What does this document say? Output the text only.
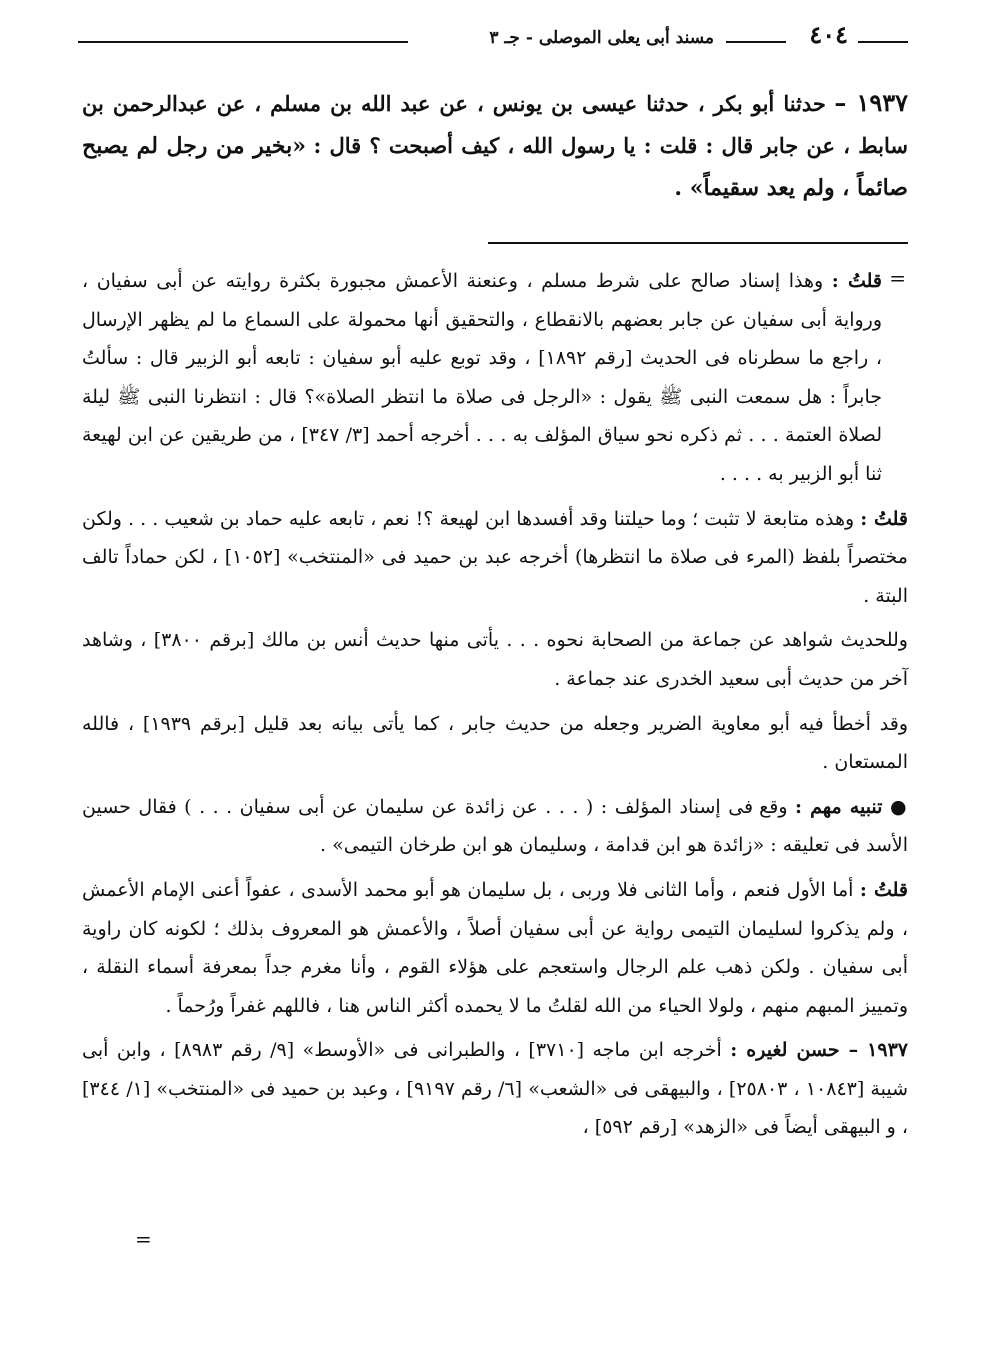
٤٠٤
مسند أبى يعلى الموصلى - جـ ٣

١٩٣٧ – حدثنا أبو بكر ، حدثنا عيسى بن يونس ، عن عبد الله بن مسلم ، عن عبدالرحمن بن سابط ، عن جابر قال : قلت : يا رسول الله ، كيف أصبحت ؟ قال : «بخير من رجل لم يصبح صائماً ، ولم يعد سقيماً» .

=

قلتُ : وهذا إسناد صالح على شرط مسلم ، وعنعنة الأعمش مجبورة بكثرة روايته عن أبى سفيان ، ورواية أبى سفيان عن جابر بعضهم بالانقطاع ، والتحقيق أنها محمولة على السماع ما لم يظهر الإرسال ، راجع ما سطرناه فى الحديث [رقم ١٨٩٢] ، وقد توبع عليه أبو سفيان : تابعه أبو الزبير قال : سألتُ جابراً : هل سمعت النبى ﷺ يقول : «الرجل فى صلاة ما انتظر الصلاة»؟ قال : انتظرنا النبى ﷺ ليلة لصلاة العتمة . . . ثم ذكره نحو سياق المؤلف به . . . أخرجه أحمد [٣/ ٣٤٧] ، من طريقين عن ابن لهيعة ثنا أبو الزبير به . . . .

قلتُ : وهذه متابعة لا تثبت ؛ وما حيلتنا وقد أفسدها ابن لهيعة ؟! نعم ، تابعه عليه حماد بن شعيب . . . ولكن مختصراً بلفظ (المرء فى صلاة ما انتظرها) أخرجه عبد بن حميد فى «المنتخب» [١٠٥٢] ، لكن حماداً تالف البتة .

وللحديث شواهد عن جماعة من الصحابة نحوه . . . يأتى منها حديث أنس بن مالك [برقم ٣٨٠٠] ، وشاهد آخر من حديث أبى سعيد الخدرى عند جماعة .

وقد أخطأ فيه أبو معاوية الضرير وجعله من حديث جابر ، كما يأتى بيانه بعد قليل [برقم ١٩٣٩] ، فالله المستعان .

● تنبيه مهم : وقع فى إسناد المؤلف : ( . . . عن زائدة عن سليمان عن أبى سفيان . . . ) فقال حسين الأسد فى تعليقه : «زائدة هو ابن قدامة ، وسليمان هو ابن طرخان التيمى» .

قلتُ : أما الأول فنعم ، وأما الثانى فلا وربى ، بل سليمان هو أبو محمد الأسدى ، عفواً أعنى الإمام الأعمش ، ولم يذكروا لسليمان التيمى رواية عن أبى سفيان أصلاً ، والأعمش هو المعروف بذلك ؛ لكونه كان راوية أبى سفيان . ولكن ذهب علم الرجال واستعجم على هؤلاء القوم ، وأنا مغرم جداً بمعرفة أسماء النقلة ، وتمييز المبهم منهم ، ولولا الحياء من الله لقلتُ ما لا يحمده أكثر الناس هنا ، فاللهم غفراً ورُحماً .

١٩٣٧ – حسن لغيره : أخرجه ابن ماجه [٣٧١٠] ، والطبرانى فى «الأوسط» [٩/ رقم ٨٩٨٣] ، وابن أبى شيبة [١٠٨٤٣ ، ٢٥٨٠٣] ، والبيهقى فى «الشعب» [٦/ رقم ٩١٩٧] ، وعبد بن حميد فى «المنتخب» [١/ ٣٤٤] ، و البيهقى أيضاً فى «الزهد» [رقم ٥٩٢] ،

=
